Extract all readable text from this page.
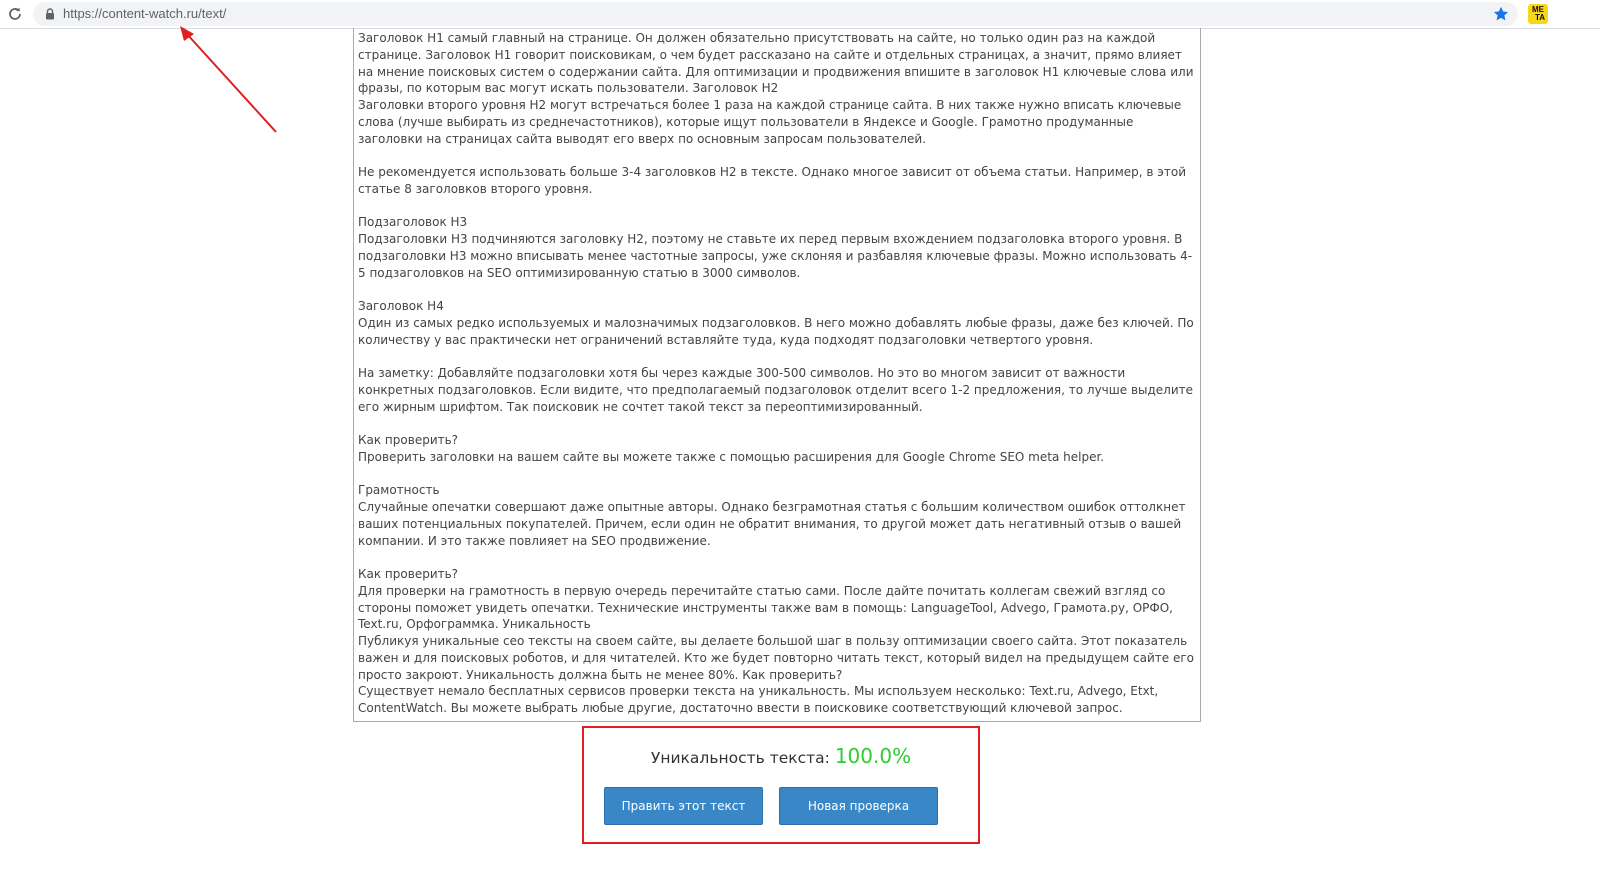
https://content-watch.ru/text/	ME
TA

Заголовок H1 самый главный на странице. Он должен обязательно присутствовать на сайте, но только один раз на каждой странице. Заголовок H1 говорит поисковикам, о чем будет рассказано на сайте и отдельных страницах, а значит, прямо влияет на мнение поисковых систем о содержании сайта. Для оптимизации и продвижения впишите в заголовок H1 ключевые слова или фразы, по которым вас могут искать пользователи. Заголовок H2
Заголовки второго уровня H2 могут встречаться более 1 раза на каждой странице сайта. В них также нужно вписать ключевые слова (лучше выбирать из среднечастотников), которые ищут пользователи в Яндексе и Google. Грамотно продуманные заголовки на страницах сайта выводят его вверх по основным запросам пользователей.

Не рекомендуется использовать больше 3-4 заголовков H2 в тексте. Однако многое зависит от объема статьи. Например, в этой статье 8 заголовков второго уровня.

Подзаголовок H3
Подзаголовки H3 подчиняются заголовку H2, поэтому не ставьте их перед первым вхождением подзаголовка второго уровня. В подзаголовки H3 можно вписывать менее частотные запросы, уже склоняя и разбавляя ключевые фразы. Можно использовать 4-5 подзаголовков на SEO оптимизированную статью в 3000 символов.

Заголовок H4
Один из самых редко используемых и малозначимых подзаголовков. В него можно добавлять любые фразы, даже без ключей. По количеству у вас практически нет ограничений вставляйте туда, куда подходят подзаголовки четвертого уровня.

На заметку: Добавляйте подзаголовки хотя бы через каждые 300-500 символов. Но это во многом зависит от важности конкретных подзаголовков. Если видите, что предполагаемый подзаголовок отделит всего 1-2 предложения, то лучше выделите его жирным шрифтом. Так поисковик не сочтет такой текст за переоптимизированный.

Как проверить?
Проверить заголовки на вашем сайте вы можете также с помощью расширения для Google Chrome SEO meta helper.

Грамотность
Случайные опечатки совершают даже опытные авторы. Однако безграмотная статья с большим количеством ошибок оттолкнет ваших потенциальных покупателей. Причем, если один не обратит внимания, то другой может дать негативный отзыв о вашей компании. И это также повлияет на SEO продвижение.

Как проверить?
Для проверки на грамотность в первую очередь перечитайте статью сами. После дайте почитать коллегам свежий взгляд со стороны поможет увидеть опечатки. Технические инструменты также вам в помощь: LanguageTool, Advego, Грамота.ру, ОРФО, Text.ru, Орфограммка. Уникальность
Публикуя уникальные сео тексты на своем сайте, вы делаете большой шаг в пользу оптимизации своего сайта. Этот показатель важен и для поисковых роботов, и для читателей. Кто же будет повторно читать текст, который видел на предыдущем сайте его просто закроют. Уникальность должна быть не менее 80%. Как проверить?
Существует немало бесплатных сервисов проверки текста на уникальность. Мы используем несколько: Text.ru, Advego, Etxt, ContentWatch. Вы можете выбрать любые другие, достаточно ввести в поисковике соответствующий ключевой запрос.

Уникальность текста: 100.0%
Править этот текст	Новая проверка
